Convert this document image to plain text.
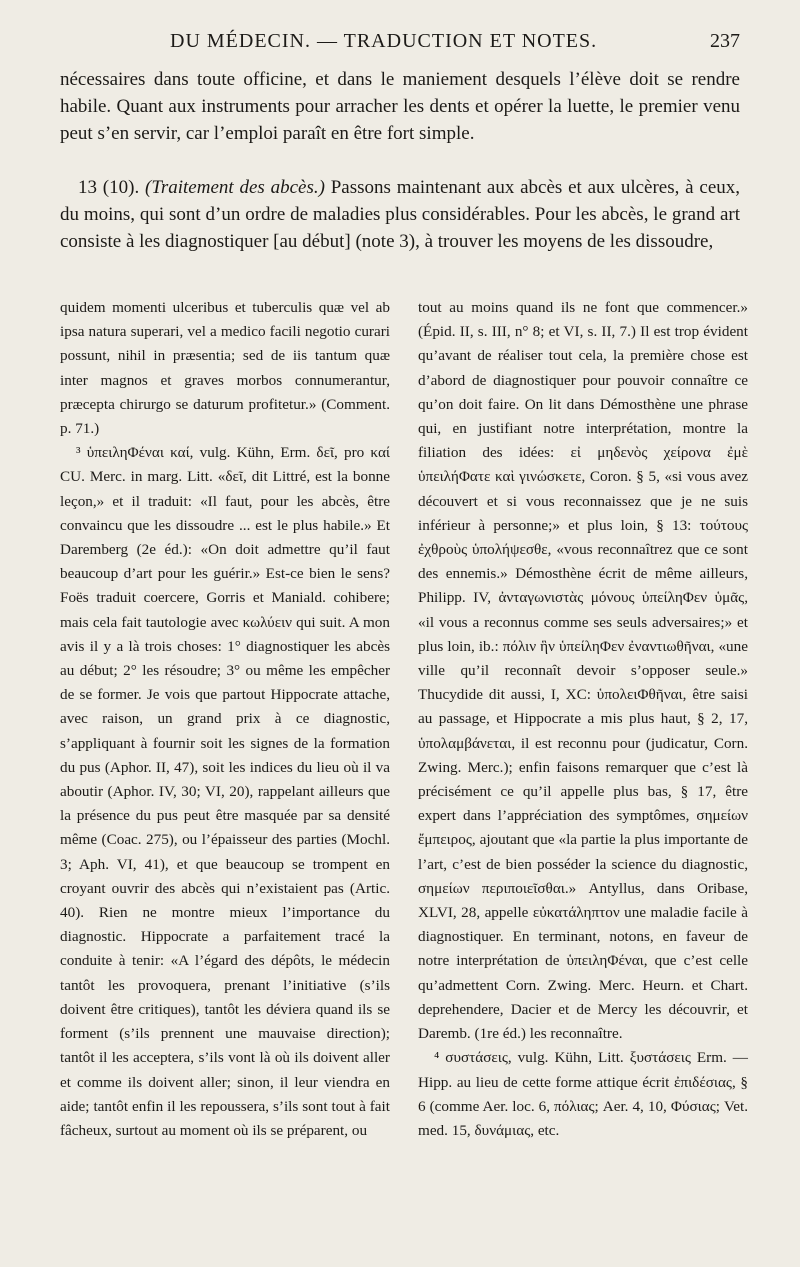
DU MÉDECIN. — TRADUCTION ET NOTES.	237
nécessaires dans toute officine, et dans le maniement desquels l’élève doit se rendre habile. Quant aux instruments pour arracher les dents et opérer la luette, le premier venu peut s’en servir, car l’emploi paraît en être fort simple.
13 (10). (Traitement des abcès.) Passons maintenant aux abcès et aux ulcères, à ceux, du moins, qui sont d’un ordre de maladies plus considérables. Pour les abcès, le grand art consiste à les diagnostiquer [au début] (note 3), à trouver les moyens de les dissoudre,

quidem momenti ulceribus et tuberculis quæ vel ab ipsa natura superari, vel a medico facili negotio curari possunt, nihil in præsentia; sed de iis tantum quæ inter magnos et graves morbos connumerantur, præcepta chirurgo se daturum profitetur.» (Comment. p. 71.)

³ ὑπειληΦέναι καί, vulg. Kühn, Erm. δεῖ, pro καί CU. Merc. in marg. Litt. «δεῖ, dit Littré, est la bonne leçon,» et il traduit: «Il faut, pour les abcès, être convaincu que les dissoudre ... est le plus habile.» Et Daremberg (2e éd.): «On doit admettre qu’il faut beaucoup d’art pour les guérir.» Est-ce bien le sens? Foës traduit coercere, Gorris et Manіald. cohibere; mais cela fait tautologie avec κωλύειν qui suit. A mon avis il y a là trois choses: 1° diagnostiquer les abcès au début; 2° les résoudre; 3° ou même les empêcher de se former. Je vois que partout Hippocrate attache, avec raison, un grand prix à ce diagnostic, s’appliquant à fournir soit les signes de la formation du pus (Aphor. II, 47), soit les indices du lieu où il va aboutir (Aphor. IV, 30; VI, 20), rappelant ailleurs que la présence du pus peut être masquée par sa densité même (Coac. 275), ou l’épaisseur des parties (Mochl. 3; Aph. VI, 41), et que beaucoup se trompent en croyant ouvrir des abcès qui n’existaient pas (Artic. 40). Rien ne montre mieux l’importance du diagnostic. Hippocrate a parfaitement tracé la conduite à tenir: «A l’égard des dépôts, le médecin tantôt les provoquera, prenant l’initiative (s’ils doivent être critiques), tantôt les déviera quand ils se forment (s’ils prennent une mauvaise direction); tantôt il les acceptera, s’ils vont là où ils doivent aller et comme ils doivent aller; sinon, il leur viendra en aide; tantôt enfin il les repoussera, s’ils sont tout à fait fâcheux, surtout au moment où ils se préparent, ou

tout au moins quand ils ne font que commencer.» (Épid. II, s. III, n° 8; et VI, s. II, 7.) Il est trop évident qu’avant de réaliser tout cela, la première chose est d’abord de diagnostiquer pour pouvoir connaître ce qu’on doit faire. On lit dans Démosthène une phrase qui, en justifiant notre interprétation, montre la filiation des idées: εἰ μηδενὸς χείρονα ἐμὲ ὑπειλήΦατε καὶ γινώσκετε, Coron. § 5, «si vous avez découvert et si vous reconnaissez que je ne suis inférieur à personne;» et plus loin, § 13: τούτους ἐχθροὺς ὑπολήψεσθε, «vous reconnaîtrez que ce sont des ennemis.» Démosthène écrit de même ailleurs, Philipp. IV, ἀνταγωνιστὰς μόνους ὑπείληΦεν ὑμᾶς, «il vous a reconnus comme ses seuls adversaires;» et plus loin, ib.: πόλιν ἣν ὑπείληΦεν ἐναντιωθῆναι, «une ville qu’il reconnaît devoir s’opposer seule.» Thucydide dit aussi, I, XC: ὑπολειΦθῆναι, être saisi au passage, et Hippocrate a mis plus haut, § 2, 17, ὑπολαμβάνεται, il est reconnu pour (judicatur, Corn. Zwing. Merc.); enfin faisons remarquer que c’est là précisément ce qu’il appelle plus bas, § 17, être expert dans l’appréciation des symptômes, σημείων ἔμπειρος, ajoutant que «la partie la plus importante de l’art, c’est de bien posséder la science du diagnostic, σημείων περιποιεῖσθαι.» Antyllus, dans Oribase, XLVI, 28, appelle εὐκατάληπτον une maladie facile à diagnostiquer. En terminant, notons, en faveur de notre interprétation de ὑπειληΦέναι, que c’est celle qu’admettent Corn. Zwing. Merc. Heurn. et Chart. deprehendere, Dacier et de Mercy les découvrir, et Daremb. (1re éd.) les reconnaître.

⁴ συστάσεις, vulg. Kühn, Litt. ξυστάσεις Erm. — Hipp. au lieu de cette forme attique écrit ἐπιδέσιας, § 6 (comme Aer. loc. 6, πόλιας; Aer. 4, 10, Φύσιας; Vet. med. 15, δυνάμιας, etc.
